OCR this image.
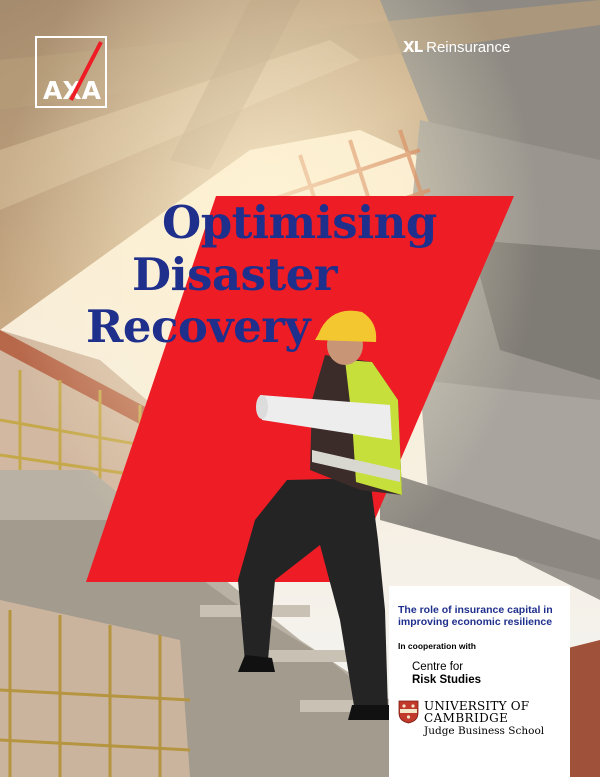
AXA
XL Reinsurance
Optimising
Disaster
Recovery
The role of insurance capital in improving economic resilience
In cooperation with
Centre for
Risk Studies
UNIVERSITY OF
CAMBRIDGE
Judge Business School
